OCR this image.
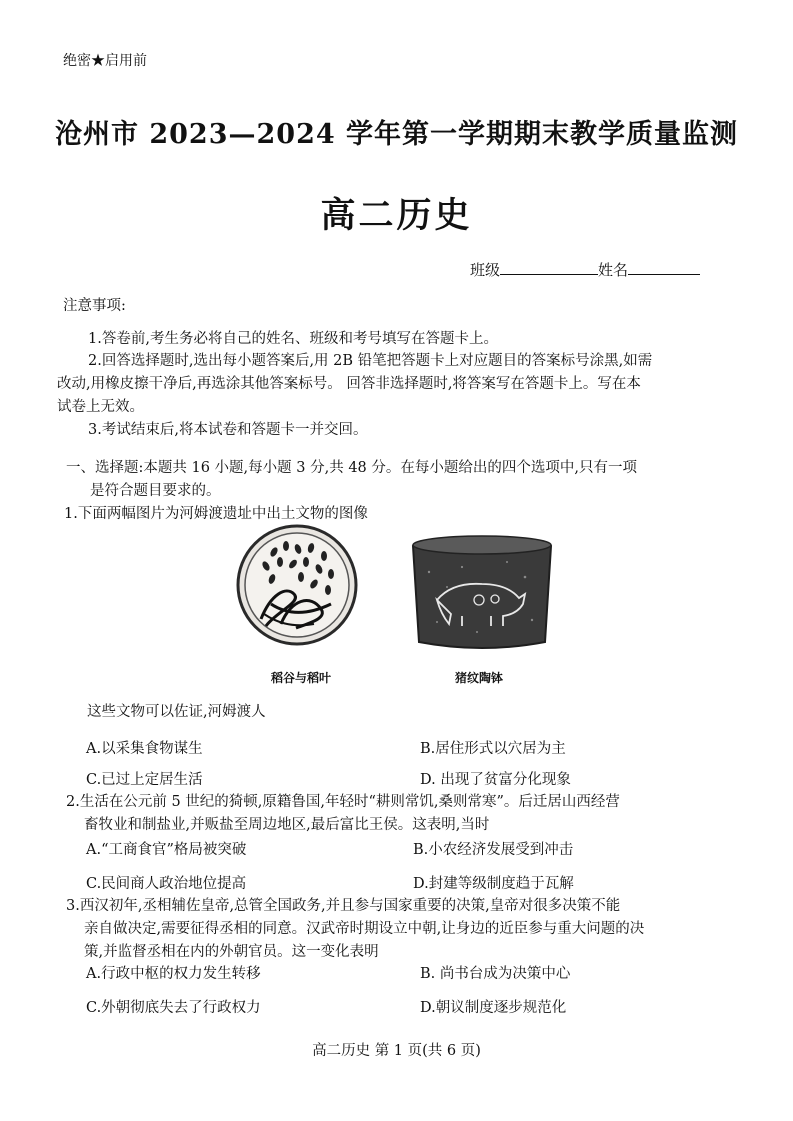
绝密★启用前
沧州市 2023—2024 学年第一学期期末教学质量监测
高二历史
班级	姓名
注意事项:
1.答卷前,考生务必将自己的姓名、班级和考号填写在答题卡上。
2.回答选择题时,选出每小题答案后,用 2B 铅笔把答题卡上对应题目的答案标号涂黑,如需
改动,用橡皮擦干净后,再选涂其他答案标号。 回答非选择题时,将答案写在答题卡上。写在本
试卷上无效。
3.考试结束后,将本试卷和答题卡一并交回。
一、选择题:本题共 16 小题,每小题 3 分,共 48 分。在每小题给出的四个选项中,只有一项
是符合题目要求的。
1.下面两幅图片为河姆渡遗址中出土文物的图像
稻谷与稻叶	猪纹陶钵
这些文物可以佐证,河姆渡人
A.以采集食物谋生	B.居住形式以穴居为主
C.已过上定居生活	D. 出现了贫富分化现象
2.生活在公元前 5 世纪的猗顿,原籍鲁国,年轻时“耕则常饥,桑则常寒”。后迁居山西经营
畜牧业和制盐业,并贩盐至周边地区,最后富比王侯。这表明,当时
A.“工商食官”格局被突破	B.小农经济发展受到冲击
C.民间商人政治地位提高	D.封建等级制度趋于瓦解
3.西汉初年,丞相辅佐皇帝,总管全国政务,并且参与国家重要的决策,皇帝对很多决策不能
亲自做决定,需要征得丞相的同意。汉武帝时期设立中朝,让身边的近臣参与重大问题的决
策,并监督丞相在内的外朝官员。这一变化表明
A.行政中枢的权力发生转移	B. 尚书台成为决策中心
C.外朝彻底失去了行政权力	D.朝议制度逐步规范化
高二历史 第 1 页(共 6 页)
